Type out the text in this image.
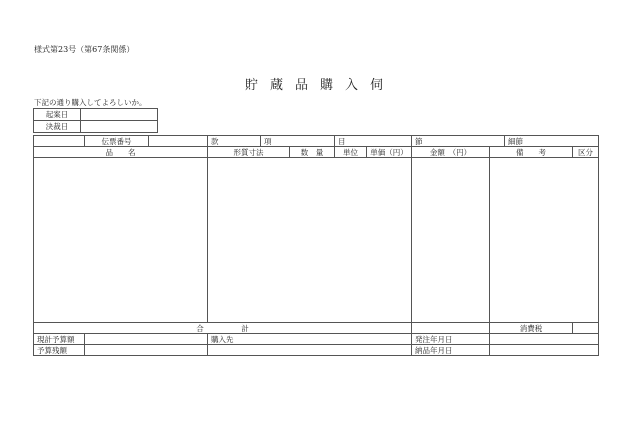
様式第23号（第67条関係）
貯蔵品購入伺
下記の通り購入してよろしいか。
起案日	
決裁日	
	伝票番号		款	項		目		節		細節	
品　　名			形質寸法		数　量	単位	単価（円）	金額　（円）	備　　考		区分

合　　　　　計									消費税		
現計予算額			購入先					発注年月日			
予算残額								納品年月日			
